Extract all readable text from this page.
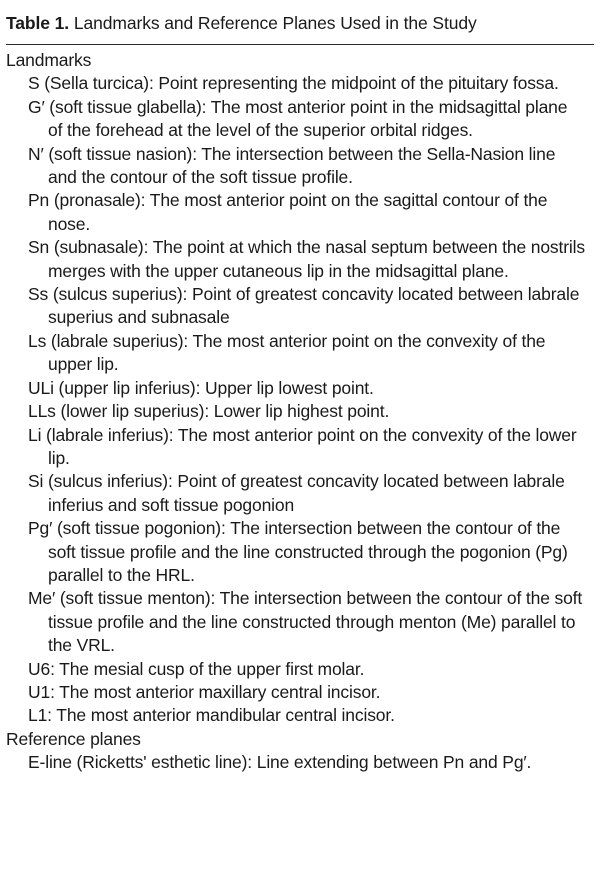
Table 1. Landmarks and Reference Planes Used in the Study
Landmarks
S (Sella turcica): Point representing the midpoint of the pituitary fossa.
G′ (soft tissue glabella): The most anterior point in the midsagittal plane of the forehead at the level of the superior orbital ridges.
N′ (soft tissue nasion): The intersection between the Sella-Nasion line and the contour of the soft tissue profile.
Pn (pronasale): The most anterior point on the sagittal contour of the nose.
Sn (subnasale): The point at which the nasal septum between the nostrils merges with the upper cutaneous lip in the midsagittal plane.
Ss (sulcus superius): Point of greatest concavity located between labrale superius and subnasale
Ls (labrale superius): The most anterior point on the convexity of the upper lip.
ULi (upper lip inferius): Upper lip lowest point.
LLs (lower lip superius): Lower lip highest point.
Li (labrale inferius): The most anterior point on the convexity of the lower lip.
Si (sulcus inferius): Point of greatest concavity located between labrale inferius and soft tissue pogonion
Pg′ (soft tissue pogonion): The intersection between the contour of the soft tissue profile and the line constructed through the pogonion (Pg) parallel to the HRL.
Me′ (soft tissue menton): The intersection between the contour of the soft tissue profile and the line constructed through menton (Me) parallel to the VRL.
U6: The mesial cusp of the upper first molar.
U1: The most anterior maxillary central incisor.
L1: The most anterior mandibular central incisor.
Reference planes
E-line (Ricketts' esthetic line): Line extending between Pn and Pg′.
